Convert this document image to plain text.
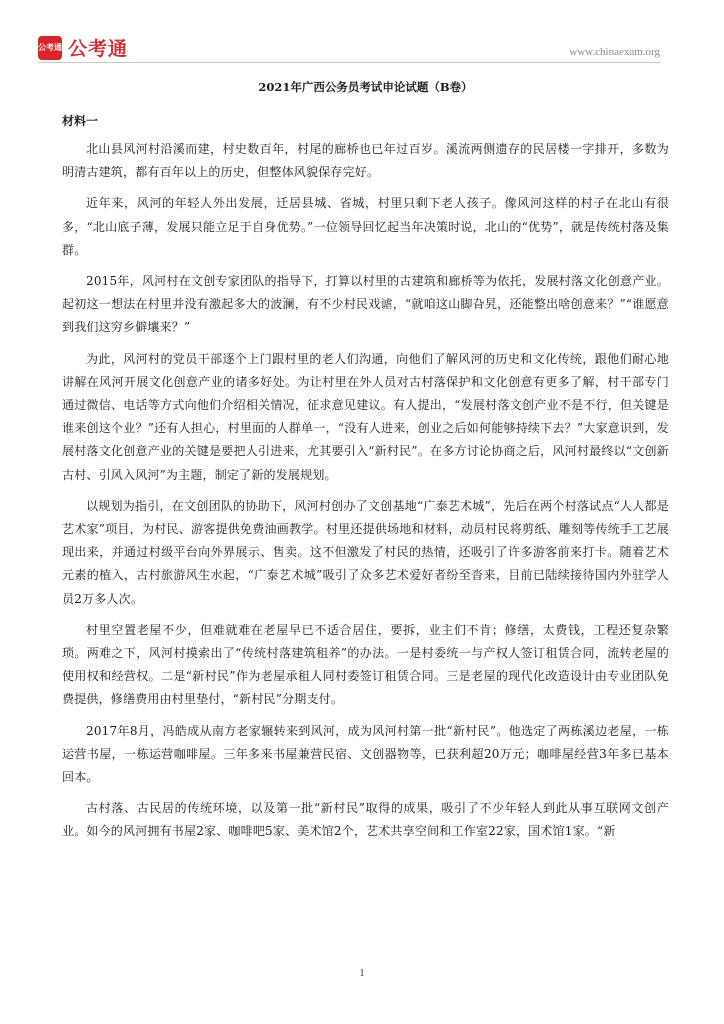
公考通 公考通	www.chinaexam.org
2021年广西公务员考试申论试题（B卷）
材料一

北山县风河村沿溪而建，村史数百年，村尾的廊桥也已年过百岁。溪流两侧遗存的民居楼一字排开，多数为明清古建筑，都有百年以上的历史，但整体风貌保存完好。

近年来，风河的年轻人外出发展，迁居县城、省城，村里只剩下老人孩子。像风河这样的村子在北山有很多，“北山底子薄，发展只能立足于自身优势。”一位领导回忆起当年决策时说，北山的“优势”，就是传统村落及集群。

2015年，风河村在文创专家团队的指导下，打算以村里的古建筑和廊桥等为依托，发展村落文化创意产业。起初这一想法在村里并没有激起多大的波澜，有不少村民戏谑，“就咱这山脚旮旯，还能整出啥创意来？”“谁愿意到我们这穷乡僻壤来？”

为此，风河村的党员干部逐个上门跟村里的老人们沟通，向他们了解风河的历史和文化传统，跟他们耐心地讲解在风河开展文化创意产业的诸多好处。为让村里在外人员对古村落保护和文化创意有更多了解，村干部专门通过微信、电话等方式向他们介绍相关情况，征求意见建议。有人提出，“发展村落文创产业不是不行，但关键是谁来创这个业？”还有人担心，村里面的人群单一，“没有人进来，创业之后如何能够持续下去？”大家意识到，发展村落文化创意产业的关键是要把人引进来，尤其要引入“新村民”。在多方讨论协商之后，风河村最终以“文创新古村、引风入风河”为主题，制定了新的发展规划。

以规划为指引，在文创团队的协助下，风河村创办了文创基地“广泰艺术城”，先后在两个村落试点“人人都是艺术家”项目，为村民、游客提供免费油画教学。村里还提供场地和材料，动员村民将剪纸、雕刻等传统手工艺展现出来，并通过村级平台向外界展示、售卖。这不但激发了村民的热情，还吸引了许多游客前来打卡。随着艺术元素的植入，古村旅游风生水起，“广泰艺术城”吸引了众多艺术爱好者纷至沓来，目前已陆续接待国内外驻学人员2万多人次。

村里空置老屋不少，但难就难在老屋早已不适合居住，要拆，业主们不肯；修缮，太费钱，工程还复杂繁琐。两难之下，风河村摸索出了“传统村落建筑租养”的办法。一是村委统一与产权人签订租赁合同，流转老屋的使用权和经营权。二是“新村民”作为老屋承租人同村委签订租赁合同。三是老屋的现代化改造设计由专业团队免费提供，修缮费用由村里垫付，“新村民”分期支付。

2017年8月，冯皓成从南方老家辗转来到风河，成为风河村第一批“新村民”。他选定了两栋溪边老屋，一栋运营书屋，一栋运营咖啡屋。三年多来书屋兼营民宿、文创器物等，已获利超20万元；咖啡屋经营3年多已基本回本。

古村落、古民居的传统环境，以及第一批“新村民”取得的成果，吸引了不少年轻人到此从事互联网文创产业。如今的风河拥有书屋2家、咖啡吧5家、美术馆2个，艺术共享空间和工作室22家，国术馆1家。“新

1
